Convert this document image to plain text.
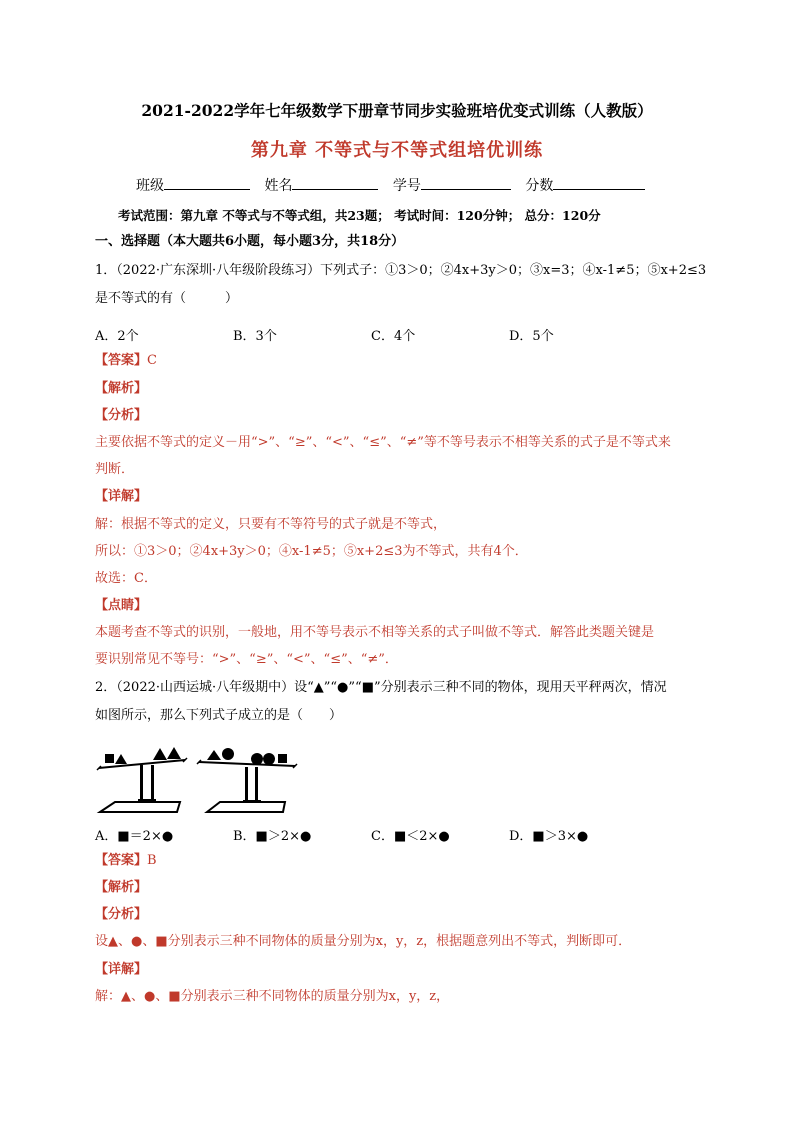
2021-2022学年七年级数学下册章节同步实验班培优变式训练（人教版）
第九章 不等式与不等式组培优训练
班级	姓名	学号	分数
考试范围：第九章 不等式与不等式组，共23题； 考试时间：120分钟； 总分：120分
一、选择题（本大题共6小题，每小题3分，共18分）
1．（2022·广东深圳·八年级阶段练习）下列式子：①3＞0；②4x+3y＞0；③x=3；④x-1≠5；⑤x+2≤3
是不等式的有（　　　）
A．2个	B．3个	C．4个	D．5个
【答案】C
【解析】
【分析】
主要依据不等式的定义－用“>”、“≥”、“<”、“≤”、“≠”等不等号表示不相等关系的式子是不等式来
判断．
【详解】
解：根据不等式的定义，只要有不等符号的式子就是不等式，
所以：①3＞0；②4x+3y＞0；④x-1≠5；⑤x+2≤3为不等式，共有4个．
故选：C．
【点睛】
本题考查不等式的识别，一般地，用不等号表示不相等关系的式子叫做不等式．解答此类题关键是
要识别常见不等号：“>”、“≥”、“<”、“≤”、“≠”．
2．（2022·山西运城·八年级期中）设“▲”“●”“■”分别表示三种不同的物体，现用天平秤两次，情况
如图所示，那么下列式子成立的是（　　）
A．■＝2×●	B．■＞2×●	C．■＜2×●	D．■＞3×●
【答案】B
【解析】
【分析】
设▲、●、■分别表示三种不同物体的质量分别为x，y，z，根据题意列出不等式，判断即可．
【详解】
解：▲、●、■分别表示三种不同物体的质量分别为x，y，z，
